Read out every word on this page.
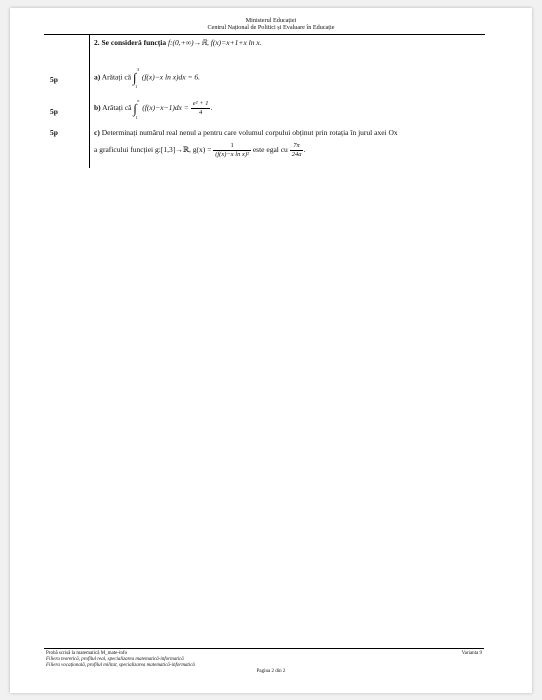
Ministerul Educației
Centrul Național de Politici și Evaluare în Educație
2. Se consideră funcția f:(0,+∞)→ℝ, f(x)=x+1+x ln x.
5p	a) Arătați că ∫
3
1
(f(x)−x ln x)dx = 6.
5p	b) Arătați că ∫
e
1
$(f(x)-x-1)dx = \frac{\text{e² + 1}}{4}$ .
5p	c) Determinați numărul real nenul a pentru care volumul corpului obținut prin rotația în jurul axei Ox
a graficului funcției g:[1,3]→ℝ, $g(x) = \frac{1}{\text{(f(x)−x ln x)²}}$ este egal cu $\frac{7\pi}{24a}$ .
Probă scrisă la matematică M_mate-info
Filiera teoretică, profilul real, specializarea matematică-informatică
Filiera vocațională, profilul militar, specializarea matematică-informatică
Varianta 9
Pagina 2 din 2
